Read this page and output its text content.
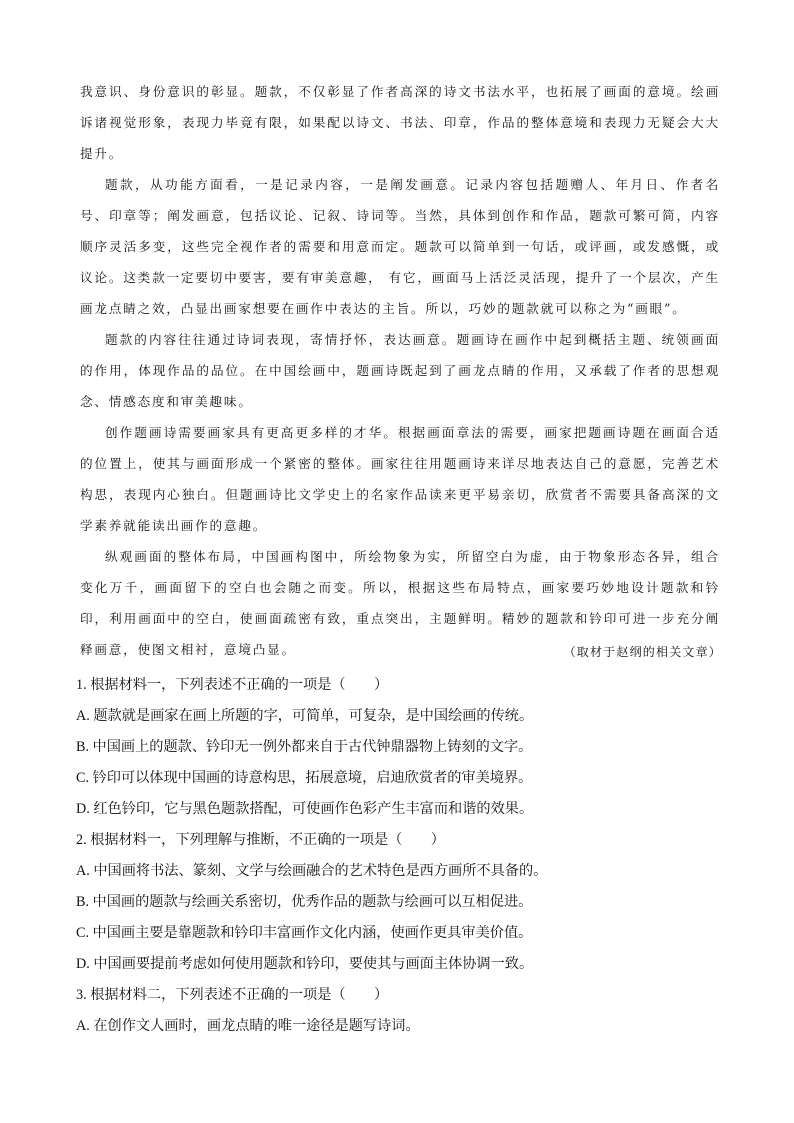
我意识、身份意识的彰显。题款，不仅彰显了作者高深的诗文书法水平，也拓展了画面的意境。绘画诉诸视觉形象，表现力毕竟有限，如果配以诗文、书法、印章，作品的整体意境和表现力无疑会大大提升。

题款，从功能方面看，一是记录内容，一是阐发画意。记录内容包括题赠人、年月日、作者名号、印章等；阐发画意，包括议论、记叙、诗词等。当然，具体到创作和作品，题款可繁可简，内容顺序灵活多变，这些完全视作者的需要和用意而定。题款可以简单到一句话，或评画，或发感慨，或议论。这类款一定要切中要害，要有审美意趣， 有它，画面马上活泛灵活现，提升了一个层次，产生画龙点睛之效，凸显出画家想要在画作中表达的主旨。所以，巧妙的题款就可以称之为“画眼”。

题款的内容往往通过诗词表现，寄情抒怀，表达画意。题画诗在画作中起到概括主题、统领画面的作用，体现作品的品位。在中国绘画中，题画诗既起到了画龙点睛的作用，又承载了作者的思想观念、情感态度和审美趣味。

创作题画诗需要画家具有更高更多样的才华。根据画面章法的需要，画家把题画诗题在画面合适的位置上，使其与画面形成一个紧密的整体。画家往往用题画诗来详尽地表达自己的意愿，完善艺术构思，表现内心独白。但题画诗比文学史上的名家作品读来更平易亲切，欣赏者不需要具备高深的文学素养就能读出画作的意趣。

纵观画面的整体布局，中国画构图中，所绘物象为实，所留空白为虚，由于物象形态各异，组合变化万千，画面留下的空白也会随之而变。所以，根据这些布局特点，画家要巧妙地设计题款和钤印，利用画面中的空白，使画面疏密有致，重点突出，主题鲜明。精妙的题款和钤印可进一步充分阐释画意，使图文相衬，意境凸显。	（取材于赵纲的相关文章）
1. 根据材料一，下列表述不正确的一项是（　　）
A. 题款就是画家在画上所题的字，可简单，可复杂，是中国绘画的传统。
B. 中国画上的题款、钤印无一例外都来自于古代钟鼎器物上铸刻的文字。
C. 钤印可以体现中国画的诗意构思，拓展意境，启迪欣赏者的审美境界。
D. 红色钤印，它与黑色题款搭配，可使画作色彩产生丰富而和谐的效果。
2. 根据材料一，下列理解与推断，不正确的一项是（　　）
A. 中国画将书法、篆刻、文学与绘画融合的艺术特色是西方画所不具备的。
B. 中国画的题款与绘画关系密切，优秀作品的题款与绘画可以互相促进。
C. 中国画主要是靠题款和钤印丰富画作文化内涵，使画作更具审美价值。
D. 中国画要提前考虑如何使用题款和钤印，要使其与画面主体协调一致。
3. 根据材料二，下列表述不正确的一项是（　　）
A. 在创作文人画时，画龙点睛的唯一途径是题写诗词。
